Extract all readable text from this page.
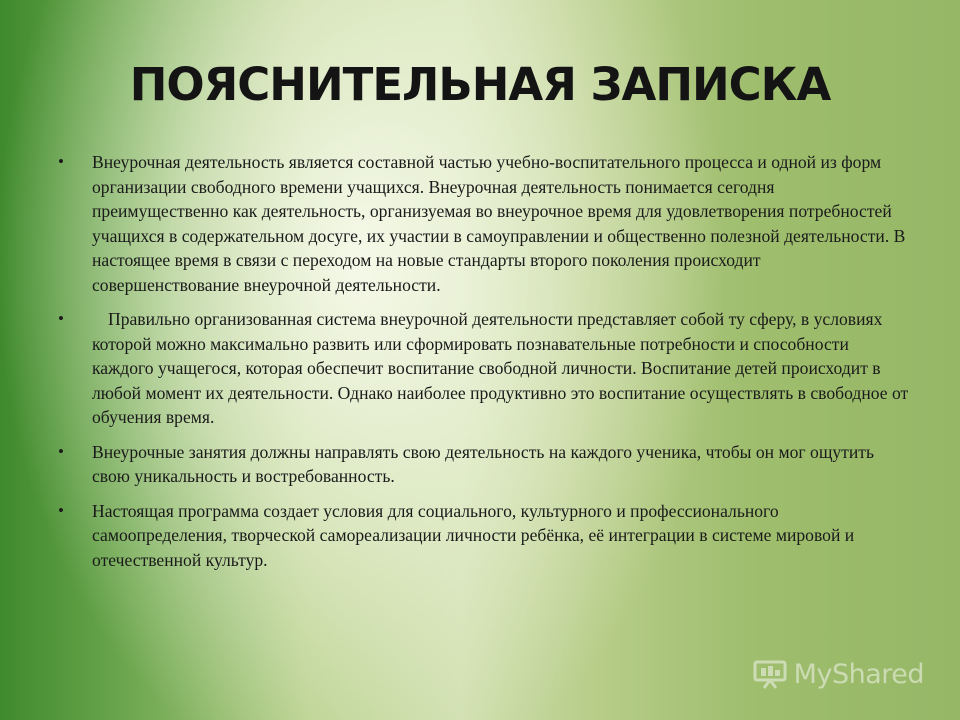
ПОЯСНИТЕЛЬНАЯ ЗАПИСКА
• Внеурочная деятельность является составной частью учебно-воспитательного процесса и одной из форм организации свободного времени учащихся. Внеурочная деятельность понимается сегодня преимущественно как деятельность, организуемая во внеурочное время для удовлетворения потребностей учащихся в содержательном досуге, их участии в самоуправлении и общественно полезной деятельности. В настоящее время в связи с переходом на новые стандарты второго поколения происходит совершенствование внеурочной деятельности.
•	Правильно организованная система внеурочной деятельности представляет собой ту сферу, в условиях которой можно максимально развить или сформировать познавательные потребности и способности каждого учащегося, которая обеспечит воспитание свободной личности. Воспитание детей происходит в любой момент их деятельности. Однако наиболее продуктивно это воспитание осуществлять в свободное от обучения время.
• Внеурочные занятия должны направлять свою деятельность на каждого ученика, чтобы он мог ощутить свою уникальность и востребованность.
• Настоящая программа создает условия для социального, культурного и профессионального самоопределения, творческой самореализации личности ребёнка, её интеграции в системе мировой и отечественной культур.
MyShared
